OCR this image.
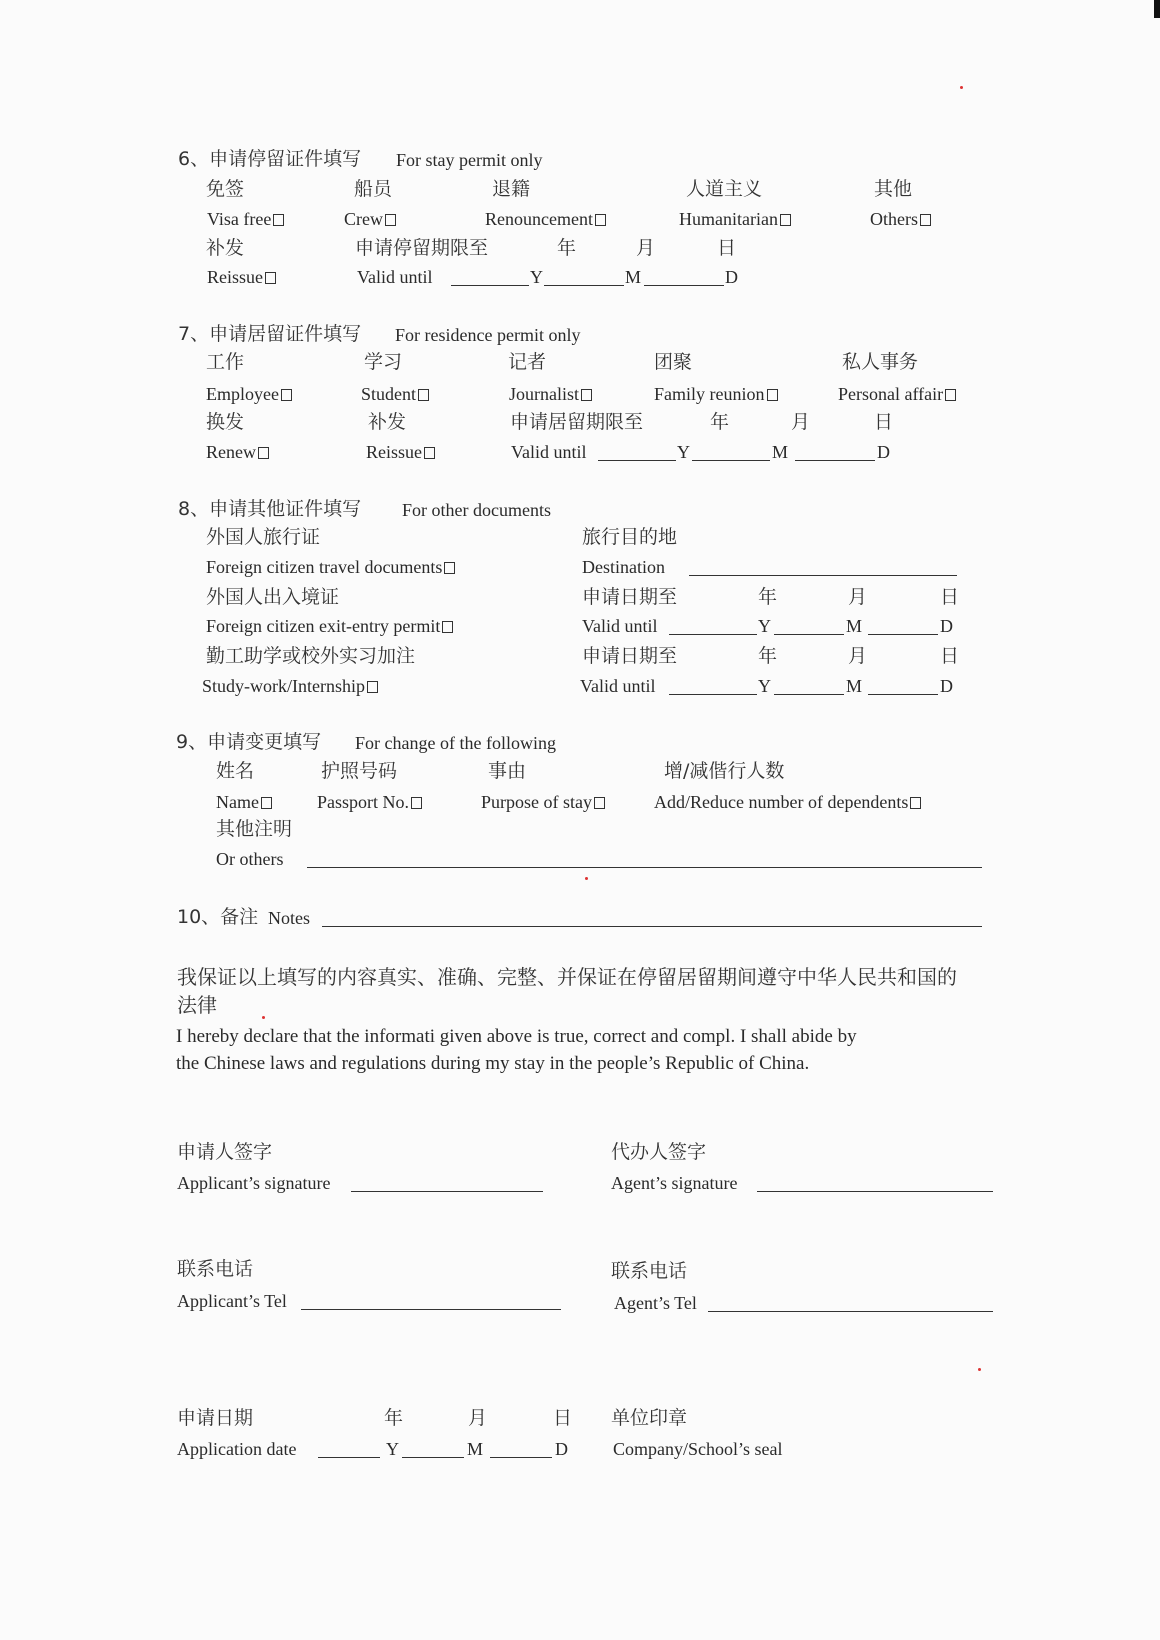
6、申请停留证件填写 For stay permit only
免签	船员	退籍	人道主义	其他
Visa free	Crew	Renouncement	Humanitarian	Others
补发	申请停留期限至	年	月	日
Reissue	Valid until	Y	M	D
7、申请居留证件填写 For residence permit only
工作	学习	记者	团聚	私人事务
Employee	Student	Journalist	Family reunion	Personal affair
换发	补发	申请居留期限至	年	月	日
Renew	Reissue	Valid until	Y	M	D
8、申请其他证件填写 For other documents
外国人旅行证	旅行目的地
Foreign citizen travel documents	Destination
外国人出入境证	申请日期至	年	月	日
Foreign citizen exit-entry permit	Valid until	Y	M	D
勤工助学或校外实习加注	申请日期至	年	月	日
Study-work/Internship	Valid until	Y	M	D
9、申请变更填写 For change of the following
姓名	护照号码	事由	增/减偕行人数
Name	Passport No.	Purpose of stay	Add/Reduce number of dependents
其他注明
Or others
10、备注 Notes
我保证以上填写的内容真实、准确、完整、并保证在停留居留期间遵守中华人民共和国的
法律
I hereby declare that the informati given above is true, correct and compl. I shall abide by
the Chinese laws and regulations during my stay in the people’s Republic of China.
申请人签字
Applicant’s signature
代办人签字
Agent’s signature
联系电话
Applicant’s Tel
联系电话
Agent’s Tel
申请日期	年	月	日
Application date	Y	M	D
单位印章
Company/School’s seal
